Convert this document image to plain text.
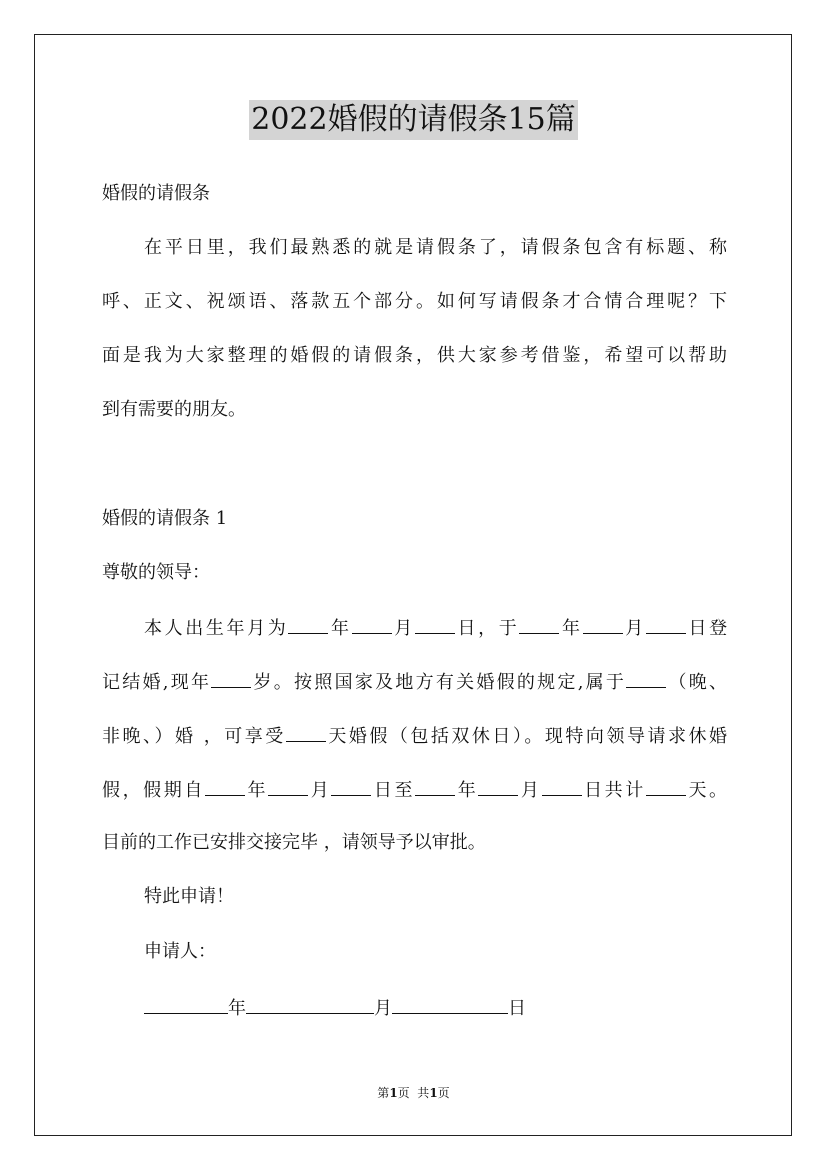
2022婚假的请假条15篇
婚假的请假条
在平日里，我们最熟悉的就是请假条了，请假条包含有标题、称
呼、正文、祝颂语、落款五个部分。如何写请假条才合情合理呢？下
面是我为大家整理的婚假的请假条，供大家参考借鉴，希望可以帮助
到有需要的朋友。
婚假的请假条 1
尊敬的领导：
本人出生年月为 年 月 日，于 年 月 日登
记结婚,现年 岁。按照国家及地方有关婚假的规定,属于 （晚、
非晚、）婚 ，可享受 天婚假（包括双休日）。现特向领导请求休婚
假，假期自 年 月 日至 年 月 日共计 天。
目前的工作已安排交接完毕 ，请领导予以审批。
特此申请！
申请人：
年	月	日
第1页  共1页
